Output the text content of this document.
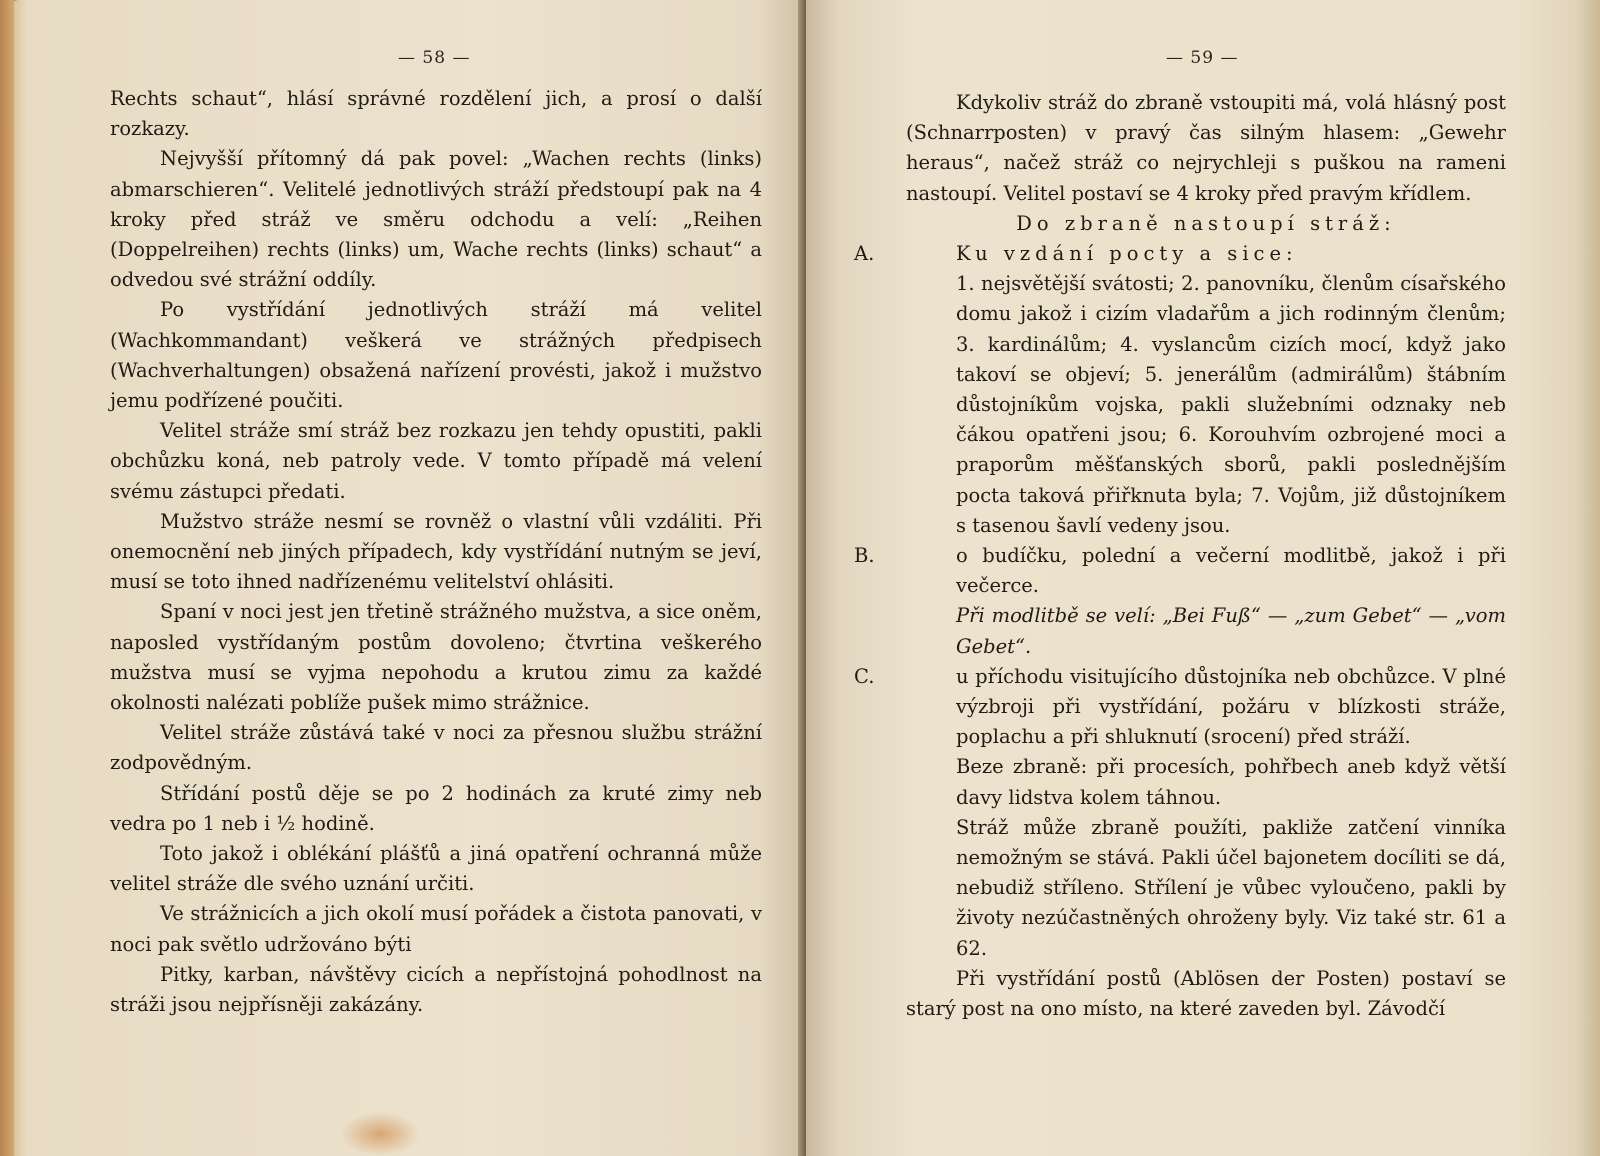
— 58 —

Rechts schaut“, hlásí správné rozdělení jich, a prosí o další rozkazy.

Nejvyšší přítomný dá pak povel: „Wachen rechts (links) abmarschieren“. Velitelé jednotlivých stráží předstoupí pak na 4 kroky před stráž ve směru odchodu a velí: „Reihen (Doppelreihen) rechts (links) um, Wache rechts (links) schaut“ a odvedou své strážní oddíly.

Po vystřídání jednotlivých stráží má velitel (Wachkommandant) veškerá ve strážných předpisech (Wachverhaltungen) obsažená nařízení provésti, jakož i mužstvo jemu podřízené poučiti.

Velitel stráže smí stráž bez rozkazu jen tehdy opustiti, pakli obchůzku koná, neb patroly vede. V tomto případě má velení svému zástupci předati.

Mužstvo stráže nesmí se rovněž o vlastní vůli vzdáliti. Při onemocnění neb jiných případech, kdy vystřídání nutným se jeví, musí se toto ihned nadřízenému velitelství ohlásiti.

Spaní v noci jest jen třetině strážného mužstva, a sice oněm, naposled vystřídaným postům dovoleno; čtvrtina veškerého mužstva musí se vyjma nepohodu a krutou zimu za každé okolnosti nalézati poblíže pušek mimo strážnice.

Velitel stráže zůstává také v noci za přesnou službu strážní zodpovědným.

Střídání postů děje se po 2 hodinách za kruté zimy neb vedra po 1 neb i ½ hodině.

Toto jakož i oblékání plášťů a jiná opatření ochranná může velitel stráže dle svého uznání určiti.

Ve strážnicích a jich okolí musí pořádek a čistota panovati, v noci pak světlo udržováno býti

Pitky, karban, návštěvy cicích a nepřístojná pohodlnost na stráži jsou nejpřísněji zakázány.

— 59 —

Kdykoliv stráž do zbraně vstoupiti má, volá hlásný post (Schnarrposten) v pravý čas silným hlasem: „Gewehr heraus“, načež stráž co nejrychleji s puškou na rameni nastoupí. Velitel postaví se 4 kroky před pravým křídlem.

Do zbraně nastoupí stráž:

A.	Ku vzdání pocty a sice:

1. nejsvětější svátosti; 2. panovníku, členům císařského domu jakož i cizím vladařům a jich rodinným členům; 3. kardinálům; 4. vyslancům cizích mocí, když jako takoví se objeví; 5. jenerálům (admirálům) štábním důstojníkům vojska, pakli služebními odznaky neb čákou opatřeni jsou; 6. Korouhvím ozbrojené moci a praporům měšťanských sborů, pakli poslednějším pocta taková přiřknuta byla; 7. Vojům, již důstojníkem s tasenou šavlí vedeny jsou.

B.	o budíčku, polední a večerní modlitbě, jakož i při večerce.

Při modlitbě se velí: „Bei Fuß“ — „zum Gebet“ — „vom Gebet“.

C.	u příchodu visitujícího důstojníka neb obchůzce. V plné výzbroji při vystřídání, požáru v blízkosti stráže, poplachu a při shluknutí (srocení) před stráží.

Beze zbraně: při procesích, pohřbech aneb když větší davy lidstva kolem táhnou.

Stráž může zbraně použíti, pakliže zatčení vinníka nemožným se stává. Pakli účel bajonetem docíliti se dá, nebudiž stříleno. Střílení je vůbec vyloučeno, pakli by životy nezúčastněných ohroženy byly. Viz také str. 61 a 62.

Při vystřídání postů (Ablösen der Posten) postaví se starý post na ono místo, na které zaveden byl. Závodčí
